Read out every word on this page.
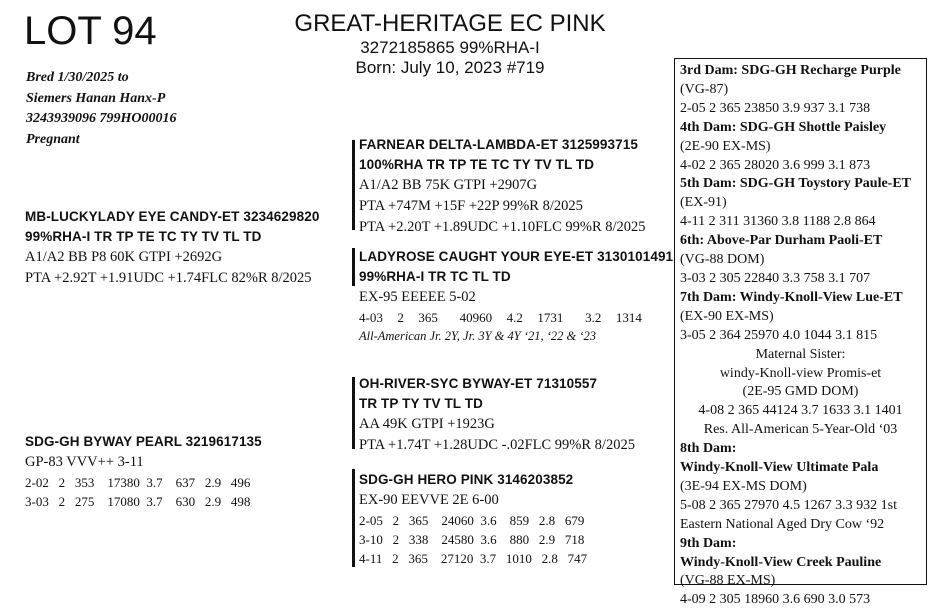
LOT 94	GREAT-HERITAGE EC PINK
3272185865 99%RHA-I
Born: July 10, 2023 #719
Bred 1/30/2025 to
Siemers Hanan Hanx-P
3243939096 799HO00016
Pregnant	FARNEAR DELTA-LAMBDA-ET 3125993715
100%RHA TR TP TE TC TY TV TL TD
A1/A2 BB 75K GTPI +2907G
PTA +747M +15F +22P 99%R 8/2025
PTA +2.20T +1.89UDC +1.10FLC 99%R 8/2025
LADYROSE CAUGHT YOUR EYE-ET 3130101491
99%RHA-I TR TC TL TD
EX-95 EEEEE 5-02
4-03 2 365 40960 4.2 1731 3.2 1314
All-American Jr. 2Y, Jr. 3Y & 4Y ‘21, ‘22 & ‘23
MB-LUCKYLADY EYE CANDY-ET 3234629820
99%RHA-I TR TP TE TC TY TV TL TD
A1/A2 BB P8 60K GTPI +2692G
PTA +2.92T +1.91UDC +1.74FLC 82%R 8/2025
OH-RIVER-SYC BYWAY-ET 71310557
TR TP TY TV TL TD
AA 49K GTPI +1923G
PTA +1.74T +1.28UDC -.02FLC 99%R 8/2025
SDG-GH BYWAY PEARL 3219617135
GP-83 VVV++ 3-11
2-02 2 353 17380 3.7 637 2.9 496
3-03 2 275 17080 3.7 630 2.9 498
SDG-GH HERO PINK 3146203852
EX-90 EEVVE 2E 6-00
2-05 2 365 24060 3.6 859 2.8 679
3-10 2 338 24580 3.6 880 2.9 718
4-11 2 365 27120 3.7 1010 2.8 747
3rd Dam: SDG-GH Recharge Purple
(VG-87)
2-05 2 365 23850 3.9 937 3.1 738
4th Dam: SDG-GH Shottle Paisley
(2E-90 EX-MS)
4-02 2 365 28020 3.6 999 3.1 873
5th Dam: SDG-GH Toystory Paule-ET
(EX-91)
4-11 2 311 31360 3.8 1188 2.8 864
6th: Above-Par Durham Paoli-ET
(VG-88 DOM)
3-03 2 305 22840 3.3 758 3.1 707
7th Dam: Windy-Knoll-View Lue-ET
(EX-90 EX-MS)
3-05 2 364 25970 4.0 1044 3.1 815
Maternal Sister:
windy-Knoll-view Promis-et
(2E-95 GMD DOM)
4-08 2 365 44124 3.7 1633 3.1 1401
Res. All-American 5-Year-Old ‘03
8th Dam:
Windy-Knoll-View Ultimate Pala
(3E-94 EX-MS DOM)
5-08 2 365 27970 4.5 1267 3.3 932 1st
Eastern National Aged Dry Cow ‘92
9th Dam:
Windy-Knoll-View Creek Pauline
(VG-88 EX-MS)
4-09 2 305 18960 3.6 690 3.0 573
